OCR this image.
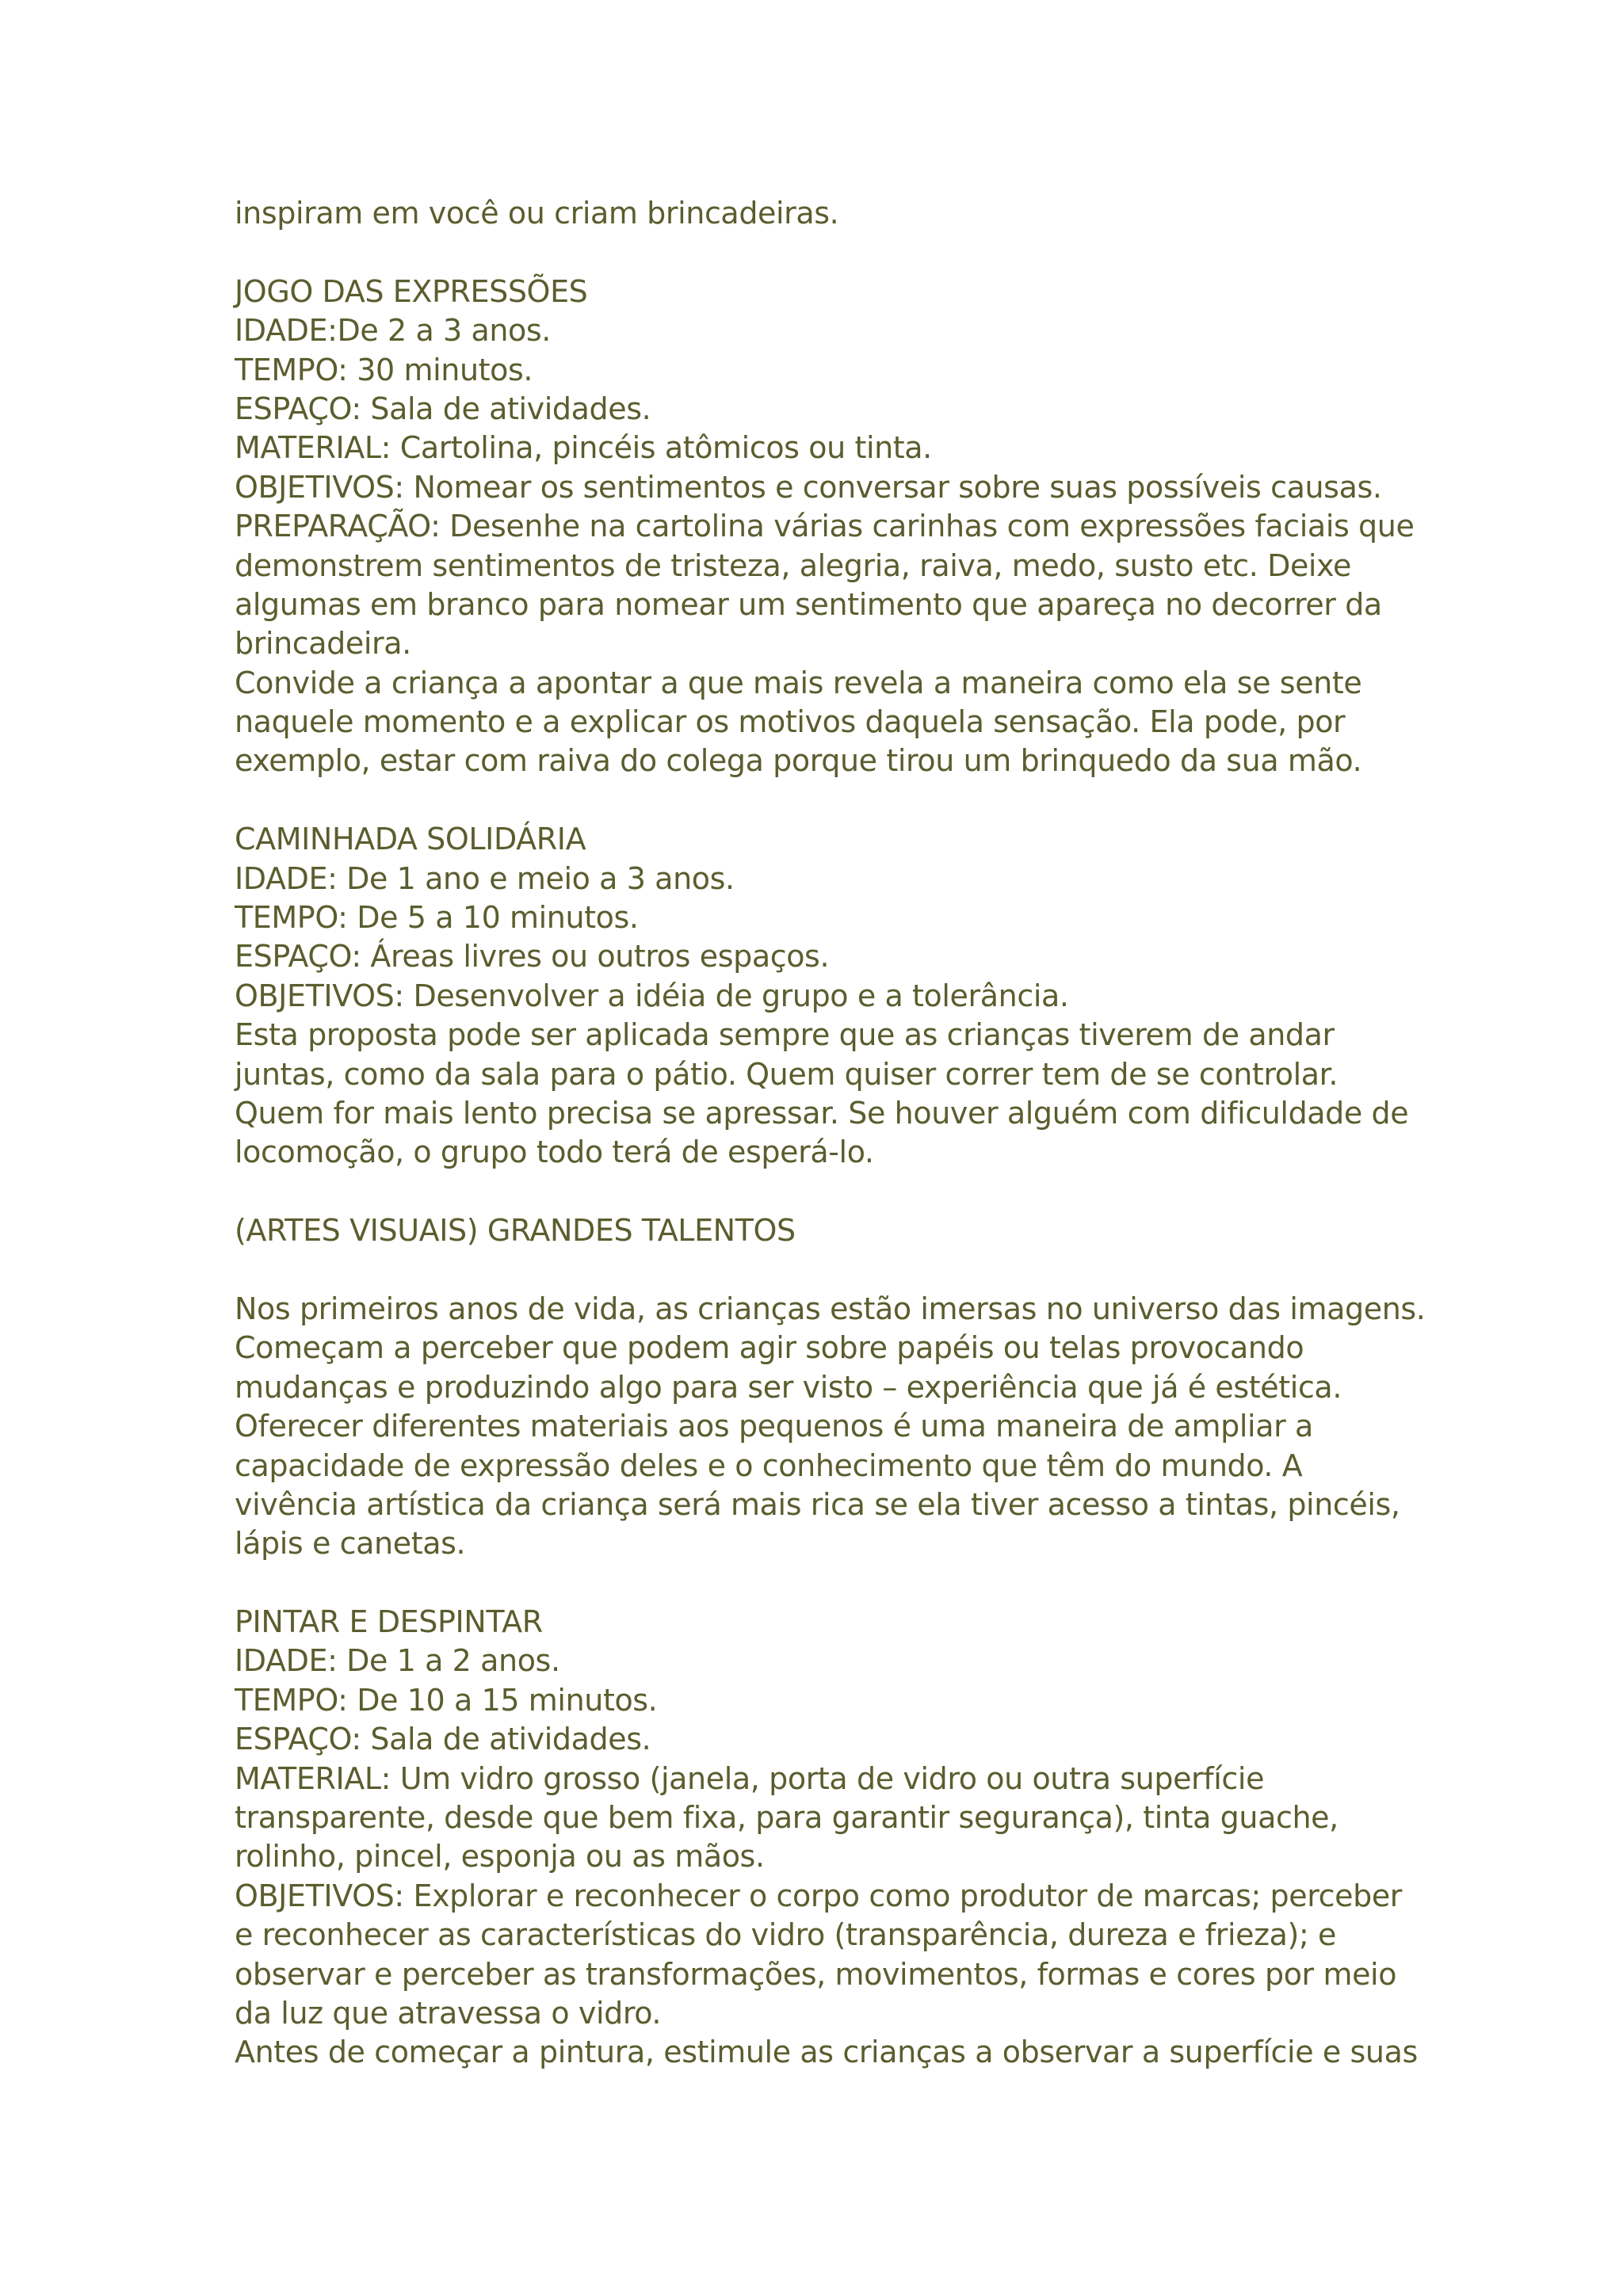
inspiram em você ou criam brincadeiras.
JOGO DAS EXPRESSÕES
IDADE:De 2 a 3 anos.
TEMPO: 30 minutos.
ESPAÇO: Sala de atividades.
MATERIAL: Cartolina, pincéis atômicos ou tinta.
OBJETIVOS: Nomear os sentimentos e conversar sobre suas possíveis causas.
PREPARAÇÃO: Desenhe na cartolina várias carinhas com expressões faciais que
demonstrem sentimentos de tristeza, alegria, raiva, medo, susto etc. Deixe
algumas em branco para nomear um sentimento que apareça no decorrer da
brincadeira.
Convide a criança a apontar a que mais revela a maneira como ela se sente
naquele momento e a explicar os motivos daquela sensação. Ela pode, por
exemplo, estar com raiva do colega porque tirou um brinquedo da sua mão.
CAMINHADA SOLIDÁRIA
IDADE: De 1 ano e meio a 3 anos.
TEMPO: De 5 a 10 minutos.
ESPAÇO: Áreas livres ou outros espaços.
OBJETIVOS: Desenvolver a idéia de grupo e a tolerância.
Esta proposta pode ser aplicada sempre que as crianças tiverem de andar
juntas, como da sala para o pátio. Quem quiser correr tem de se controlar.
Quem for mais lento precisa se apressar. Se houver alguém com dificuldade de
locomoção, o grupo todo terá de esperá-lo.
(ARTES VISUAIS) GRANDES TALENTOS
Nos primeiros anos de vida, as crianças estão imersas no universo das imagens.
Começam a perceber que podem agir sobre papéis ou telas provocando
mudanças e produzindo algo para ser visto – experiência que já é estética.
Oferecer diferentes materiais aos pequenos é uma maneira de ampliar a
capacidade de expressão deles e o conhecimento que têm do mundo. A
vivência artística da criança será mais rica se ela tiver acesso a tintas, pincéis,
lápis e canetas.
PINTAR E DESPINTAR
IDADE: De 1 a 2 anos.
TEMPO: De 10 a 15 minutos.
ESPAÇO: Sala de atividades.
MATERIAL: Um vidro grosso (janela, porta de vidro ou outra superfície
transparente, desde que bem fixa, para garantir segurança), tinta guache,
rolinho, pincel, esponja ou as mãos.
OBJETIVOS: Explorar e reconhecer o corpo como produtor de marcas; perceber
e reconhecer as características do vidro (transparência, dureza e frieza); e
observar e perceber as transformações, movimentos, formas e cores por meio
da luz que atravessa o vidro.
Antes de começar a pintura, estimule as crianças a observar a superfície e suas
